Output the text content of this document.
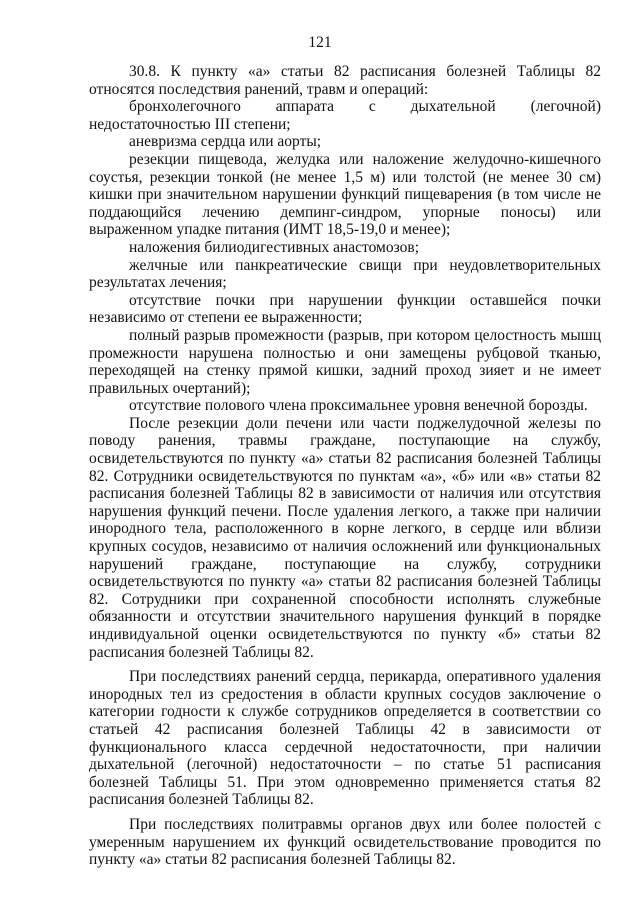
121

30.8. К пункту «а» статьи 82 расписания болезней Таблицы 82 относятся последствия ранений, травм и операций:

бронхолегочного аппарата с дыхательной (легочной) недостаточностью III степени;

аневризма сердца или аорты;

резекции пищевода, желудка или наложение желудочно-кишечного соустья, резекции тонкой (не менее 1,5 м) или толстой (не менее 30 см) кишки при значительном нарушении функций пищеварения (в том числе не поддающийся лечению демпинг-синдром, упорные поносы) или выраженном упадке питания (ИМТ 18,5-19,0 и менее);

наложения билиодигестивных анастомозов;

желчные или панкреатические свищи при неудовлетворительных результатах лечения;

отсутствие почки при нарушении функции оставшейся почки независимо от степени ее выраженности;

полный разрыв промежности (разрыв, при котором целостность мышц промежности нарушена полностью и они замещены рубцовой тканью, переходящей на стенку прямой кишки, задний проход зияет и не имеет правильных очертаний);

отсутствие полового члена проксимальнее уровня венечной борозды.

После резекции доли печени или части поджелудочной железы по поводу ранения, травмы граждане, поступающие на службу, освидетельствуются по пункту «а» статьи 82 расписания болезней Таблицы 82. Сотрудники освидетельствуются по пунктам «а», «б» или «в» статьи 82 расписания болезней Таблицы 82 в зависимости от наличия или отсутствия нарушения функций печени. После удаления легкого, а также при наличии инородного тела, расположенного в корне легкого, в сердце или вблизи крупных сосудов, независимо от наличия осложнений или функциональных нарушений граждане, поступающие на службу, сотрудники освидетельствуются по пункту «а» статьи 82 расписания болезней Таблицы 82. Сотрудники при сохраненной способности исполнять служебные обязанности и отсутствии значительного нарушения функций в порядке индивидуальной оценки освидетельствуются по пункту «б» статьи 82 расписания болезней Таблицы 82.

При последствиях ранений сердца, перикарда, оперативного удаления инородных тел из средостения в области крупных сосудов заключение о категории годности к службе сотрудников определяется в соответствии со статьей 42 расписания болезней Таблицы 42 в зависимости от функционального класса сердечной недостаточности, при наличии дыхательной (легочной) недостаточности – по статье 51 расписания болезней Таблицы 51. При этом одновременно применяется статья 82 расписания болезней Таблицы 82.

При последствиях политравмы органов двух или более полостей с умеренным нарушением их функций освидетельствование проводится по пункту «а» статьи 82 расписания болезней Таблицы 82.
